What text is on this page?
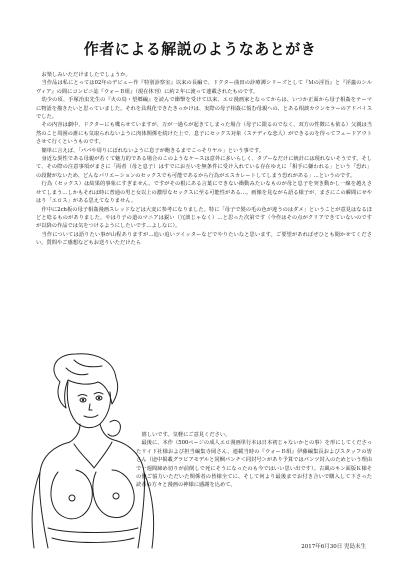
作者による解説のようなあとがき

お楽しみいただけましたでしょうか。

当作品は私にとっては02年のデビュー作『特別診察室』以来の長編で、ドクター曲田の診療譚シリーズとして『Ｍの淫旨』と『淫蟲のシルヴィア』の間にコンビニ誌『ウォーＢ組』（現在休刊）に約２年に渡って連載されたものです。

幼少の頃、手塚治虫先生の『火の鳥・望郷編』を読んで衝撃を受けて以来、エロ漫画家となってからは、いつか正面から母子相姦をテーマに物語を描きたいと思っていました。それを具現化できたきっかけは、実際の母子相姦に悩む母親への、とある相談カウンセラーのアドバイスでした。

その内容は劇中、ドクターにも喋らせていますが、万が一過ちが起きてしまった場合（母子に限るのでなく、双方の性徴にも依る）父親は当然のこと周囲の誰にも気取られないように肉体関係を続けた上で、息子にセックス対象（ステディな恋人）ができるのを待ってフェードアウトさせて行くというものです。

簡単に言えば、「パパや周りにばれないように息子が飽きるまでこっそりヤル」という事です。

身近な異性である母親が若くて魅力的である場合のこのようなケースは意外に多いらしく、タブーなだけに統計には現れないそうです。そして、その際の注意事項がまさに「両者（母と息子）はすでにお互いを無条件に受け入れている存在ゆえに「相手に嫌われる」という「恐れ」の段階がないため、どんなバリエーションのセックスでも可能であるから行為がエスカレートしてしまう恐れがある」…というのです。

行為（セックス）は結果的事象にすぎません。ですがその根にある言葉にできない衝動みたいなものが母と息子を突き動かし一線を越えさせてしまう…しかもそれは時に普通の男と女以上の濃厚なセックスに至る可能性がある…。画像を見ながら語る様子が、まさにこの瞬間にせやはり「エロス」がある思えてなりません。

作中に2ch板の母子相姦漫画スレッドなどは大変に参考になりました。特に「母子で髪の毛の色が違うのはダメ」ということが意見はなるほどと唸るものがありました。やはり子の道のマニアは鋭い（冗談じゃなく）…と思った次第です（今作はその点がクリアできていないのですが以降の作品では気をつけるようにしたいです…よしなに）。

当作については語りたい事が山程ありますが…追い追いツイッターなどでやりたいなと思います。ご要望があればぜひとも聞かせてください。質問やご感想などもお送りいただけたら

嬉しいです。気軽にご意見ください。

最後に、本作（500ページの成人エロ漫画単行本は日本初じゃないかとの事）を形にしてくださったリイド社様および担当編集寺岡さん、連載当時の『ウォーＢ組』伊藤編集長およびスタッフの皆さん（途中掲載グラビアモデルと同梱パンチ＜同封号＞があり予算ではパンツ封入のためという理由で一週間締め切りが前倒しで死にそうになったのも今ではいい思い出です）。古風のキン面版Ｋ様その他ご協力いただいた関係者の皆様全てに、そして何より最後までお付き合いで購入して下さった読者の方々と漫画の神様に感謝を込めて。

2017年6月30日 児島未生
